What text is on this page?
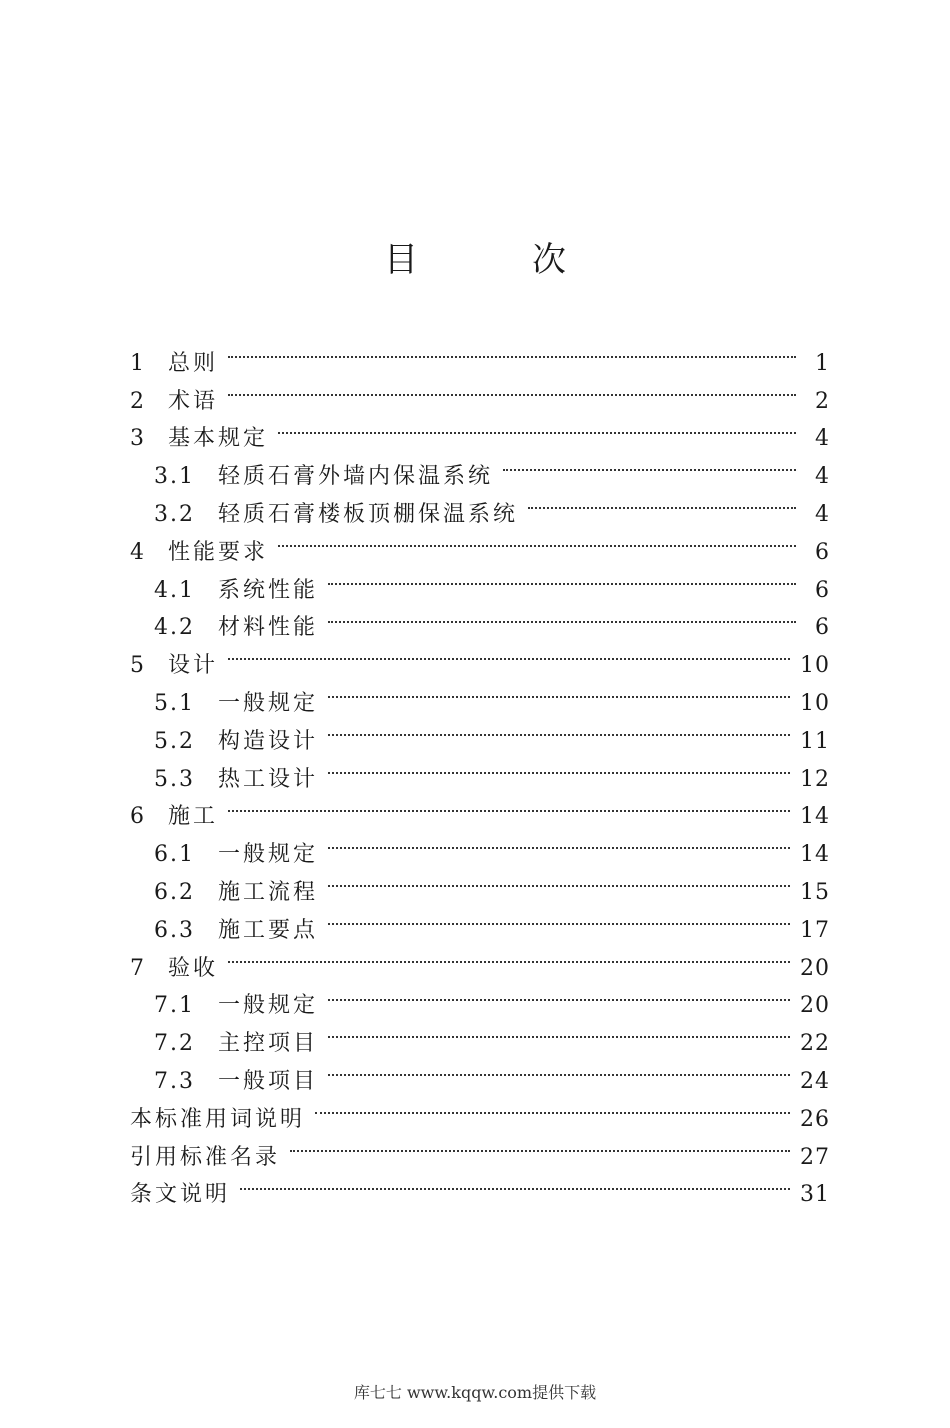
目　次
1	总则	1
2	术语	2
3	基本规定	4
3.1	轻质石膏外墙内保温系统	4
3.2	轻质石膏楼板顶棚保温系统	4
4	性能要求	6
4.1	系统性能	6
4.2	材料性能	6
5	设计	10
5.1	一般规定	10
5.2	构造设计	11
5.3	热工设计	12
6	施工	14
6.1	一般规定	14
6.2	施工流程	15
6.3	施工要点	17
7	验收	20
7.1	一般规定	20
7.2	主控项目	22
7.3	一般项目	24
本标准用词说明	26
引用标准名录	27
条文说明	31
库七七 www.kqqw.com提供下载
